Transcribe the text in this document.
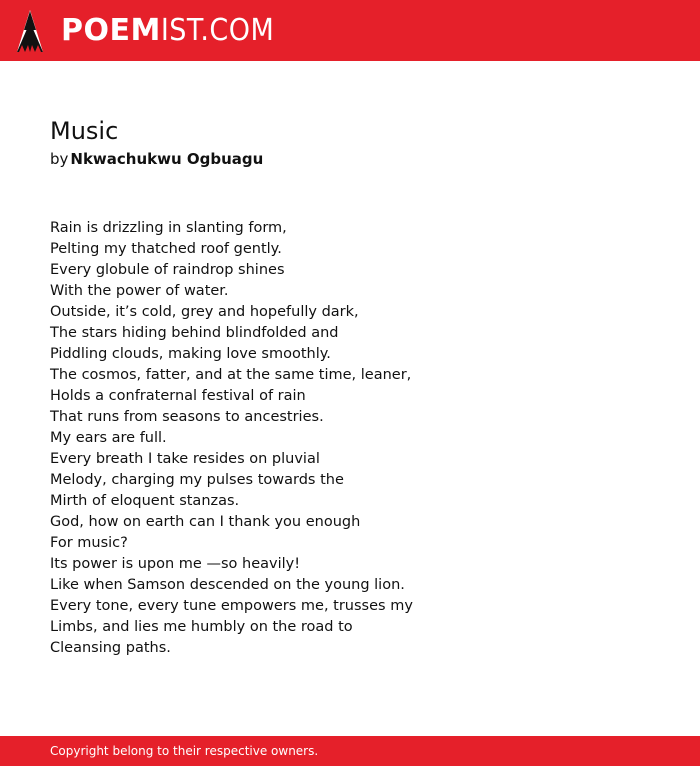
POEMIST.COM
Music
by Nkwachukwu Ogbuagu
Rain is drizzling in slanting form,
Pelting my thatched roof gently.
Every globule of raindrop shines
With the power of water.
Outside, it’s cold, grey and hopefully dark,
The stars hiding behind blindfolded and
Piddling clouds, making love smoothly.
The cosmos, fatter, and at the same time, leaner,
Holds a confraternal festival of rain
That runs from seasons to ancestries.
My ears are full.
Every breath I take resides on pluvial
Melody, charging my pulses towards the
Mirth of eloquent stanzas.
God, how on earth can I thank you enough
For music?
Its power is upon me —so heavily!
Like when Samson descended on the young lion.
Every tone, every tune empowers me, trusses my
Limbs, and lies me humbly on the road to
Cleansing paths.
Copyright belong to their respective owners.
